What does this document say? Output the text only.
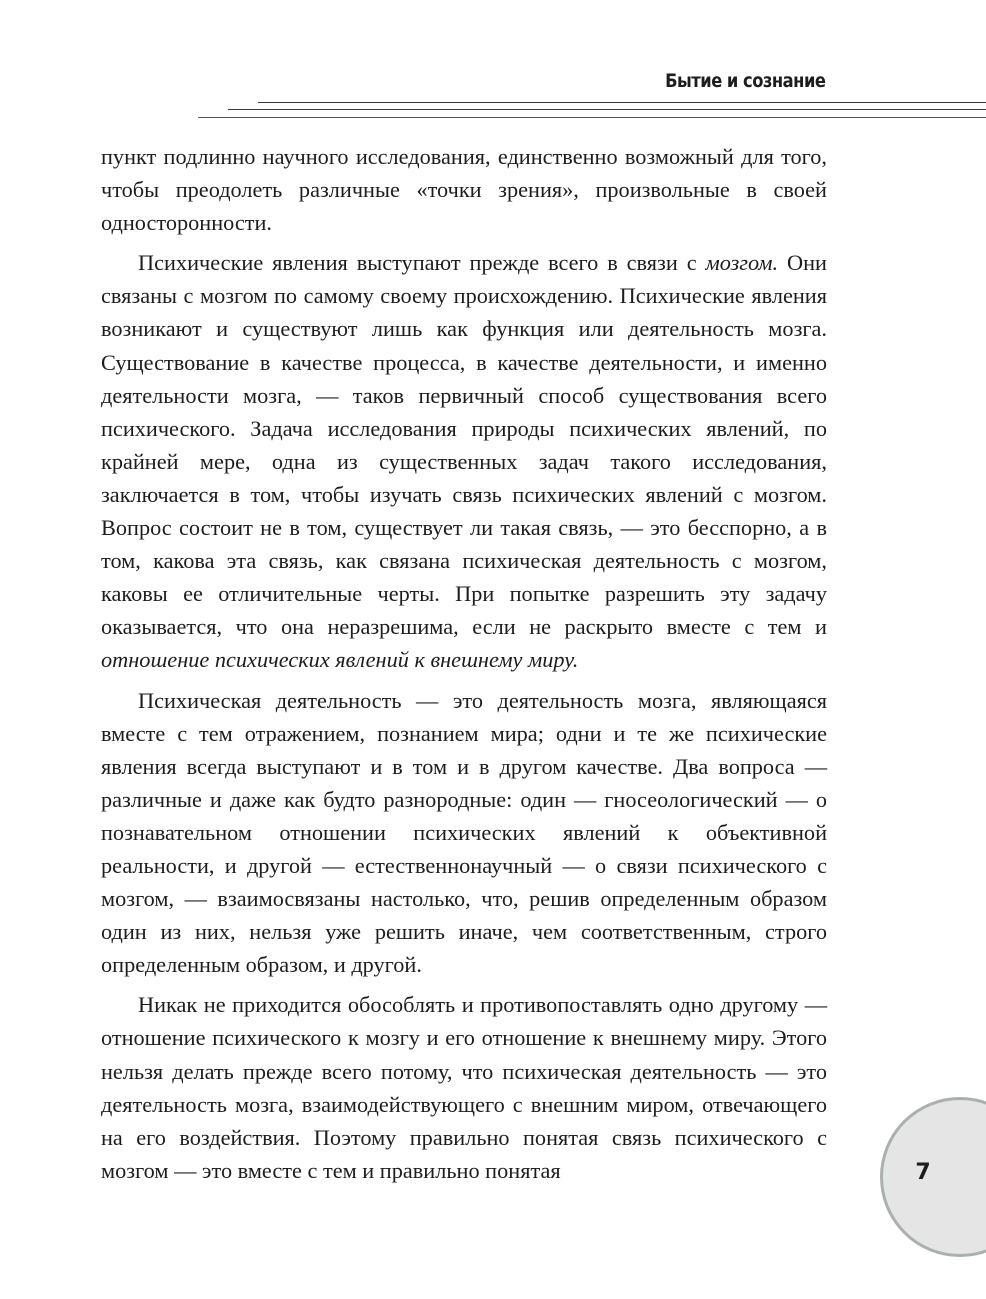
Бытие и сознание

пункт подлинно научного исследования, единственно возможный для того, чтобы преодолеть различные «точки зрения», произвольные в своей односторонности.

Психические явления выступают прежде всего в связи с мозгом. Они связаны с мозгом по самому своему происхождению. Психические явления возникают и существуют лишь как функция или деятельность мозга. Существование в качестве процесса, в качестве деятельности, и именно деятельности мозга, — таков первичный способ существования всего психического. Задача исследования природы психических явлений, по крайней мере, одна из существенных задач такого исследования, заключается в том, чтобы изучать связь психических явлений с мозгом. Вопрос состоит не в том, существует ли такая связь, — это бесспорно, а в том, какова эта связь, как связана психическая деятельность с мозгом, каковы ее отличительные черты. При попытке разрешить эту задачу оказывается, что она неразрешима, если не раскрыто вместе с тем и отношение психических явлений к внешнему миру.

Психическая деятельность — это деятельность мозга, являющаяся вместе с тем отражением, познанием мира; одни и те же психические явления всегда выступают и в том и в другом качестве. Два вопроса — различные и даже как будто разнородные: один — гносеологический — о познавательном отношении психических явлений к объективной реальности, и другой — естественнонаучный — о связи психического с мозгом, — взаимосвязаны настолько, что, решив определенным образом один из них, нельзя уже решить иначе, чем соответственным, строго определенным образом, и другой.

Никак не приходится обособлять и противопоставлять одно другому — отношение психического к мозгу и его отношение к внешнему миру. Этого нельзя делать прежде всего потому, что психическая деятельность — это деятельность мозга, взаимодействующего с внешним миром, отвечающего на его воздействия. Поэтому правильно понятая связь психического с мозгом — это вместе с тем и правильно понятая	7
